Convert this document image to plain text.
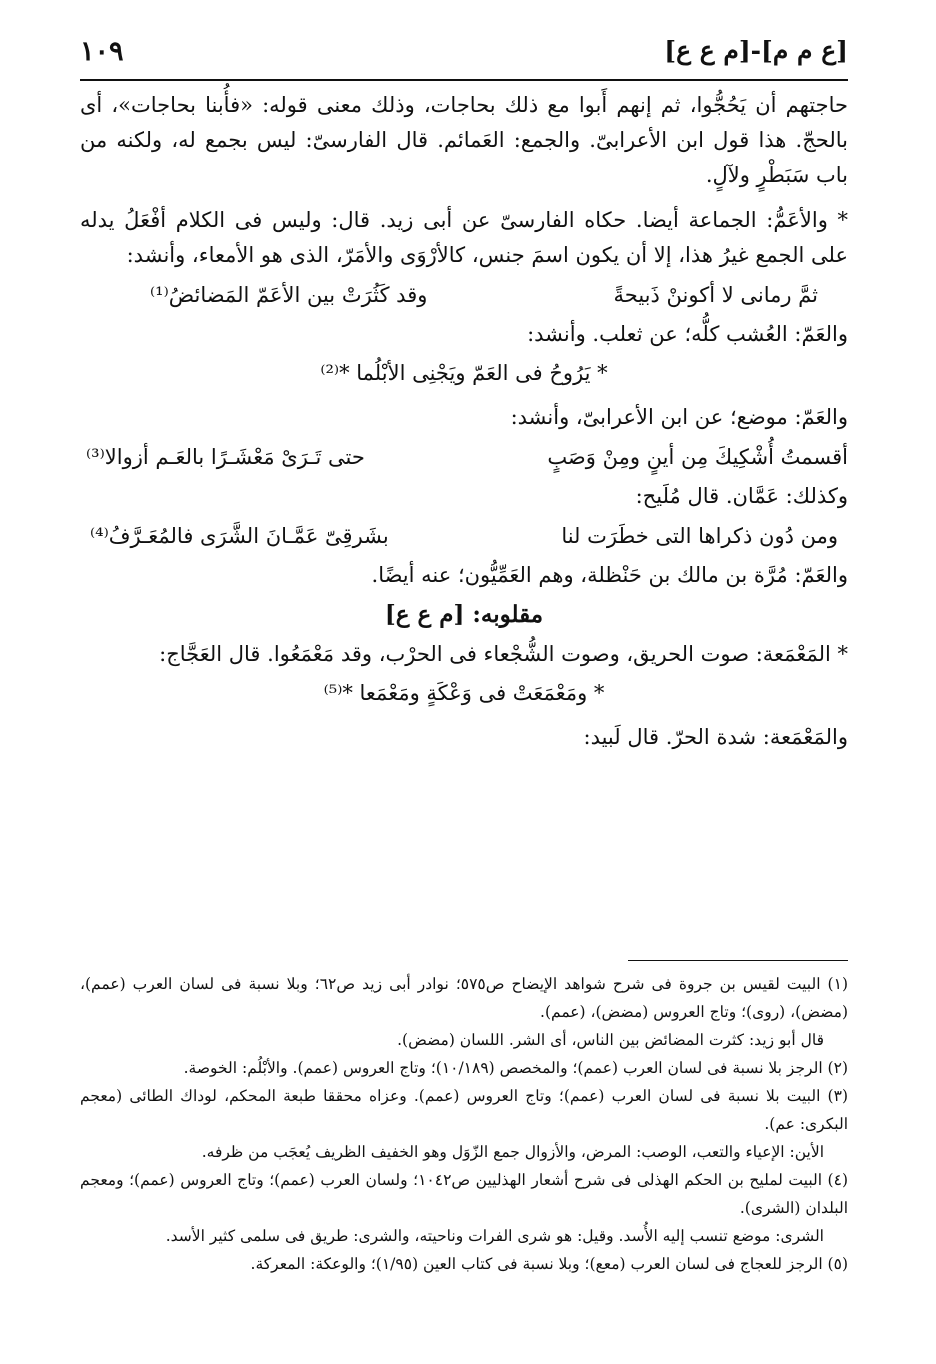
[ع م م]-[م ع ع]
١٠٩

حاجتهم أن يَحُجُّوا، ثم إنهم أَبوا مع ذلك بحاجات، وذلك معنى قوله: «فأُبنا بحاجات»، أى بالحجّ. هذا قول ابن الأعرابىّ. والجمع: العَمائم. قال الفارسىّ: ليس بجمع له، ولكنه من باب سَبَطْرٍ ولآلٍ.

* والأعَمُّ: الجماعة أيضا. حكاه الفارسىّ عن أبى زيد. قال: وليس فى الكلام أفْعَلُ يدله على الجمع غيرُ هذا، إلا أن يكون اسمَ جنس، كالأرْوَى والأمَرّ، الذى هو الأمعاء، وأنشد:

ثمَّ رمانى لا أكوننْ ذَبيحةً
وقد كَثُرَتْ بين الأعَمّ المَضائضُ⁽¹⁾

والعَمّ: العُشب كلُّه؛ عن ثعلب. وأنشد:

* يَرُوحُ فى العَمّ ويَجْنِى الأبْلُما *⁽²⁾

والعَمّ: موضع؛ عن ابن الأعرابىّ، وأنشد:

أقسمتُ أُشْكِيكَ مِن أينٍ ومِنْ وَصَبٍ
حتى تَـرَىْ مَعْشَـرًا بالعَـم أزوالا⁽³⁾

وكذلك: عَمَّان. قال مُلَيح:

ومن دُون ذكراها التى خطَرَت لنا
بشَرقِىّ عَمَّـانَ الشَّرَى فالمُعَـرَّفُ⁽⁴⁾

والعَمّ: مُرَّة بن مالك بن حَنْظلة، وهم العَمِّيُّون؛ عنه أيضًا.

مقلوبه: [م ع ع]

* المَعْمَعة: صوت الحريق، وصوت الشُّجْعاء فى الحرْب، وقد مَعْمَعُوا. قال العَجَّاج:

* ومَعْمَعَتْ فى وَعْكَةٍ ومَعْمَعا *⁽⁵⁾

والمَعْمَعة: شدة الحرّ. قال لَبيد:

(١) البيت لقيس بن جروة فى شرح شواهد الإيضاح ص٥٧٥؛ نوادر أبى زيد ص٦٢؛ وبلا نسبة فى لسان العرب (عمم)، (مضض)، (روى)؛ وتاج العروس (مضض)، (عمم).

قال أبو زيد: كثرت المضائض بين الناس، أى الشر. اللسان (مضض).

(٢) الرجز بلا نسبة فى لسان العرب (عمم)؛ والمخصص (١٠/١٨٩)؛ وتاج العروس (عمم). والأبْلُم: الخوصة.

(٣) البيت بلا نسبة فى لسان العرب (عمم)؛ وتاج العروس (عمم). وعزاه محققا طبعة المحكم، لوداك الطائى (معجم البكرى: عم).

الأين: الإعياء والتعب، الوصب: المرض، والأزوال جمع الزّوَل وهو الخفيف الظريف يُعجَب من ظرفه.

(٤) البيت لمليح بن الحكم الهذلى فى شرح أشعار الهذليين ص١٠٤٢؛ ولسان العرب (عمم)؛ وتاج العروس (عمم)؛ ومعجم البلدان (الشرى).

الشرى: موضع تنسب إليه الأُسد. وقيل: هو شرى الفرات وناحيته، والشرى: طريق فى سلمى كثير الأسد.

(٥) الرجز للعجاج فى لسان العرب (معع)؛ وبلا نسبة فى كتاب العين (١/٩٥)؛ والوعكة: المعركة.
